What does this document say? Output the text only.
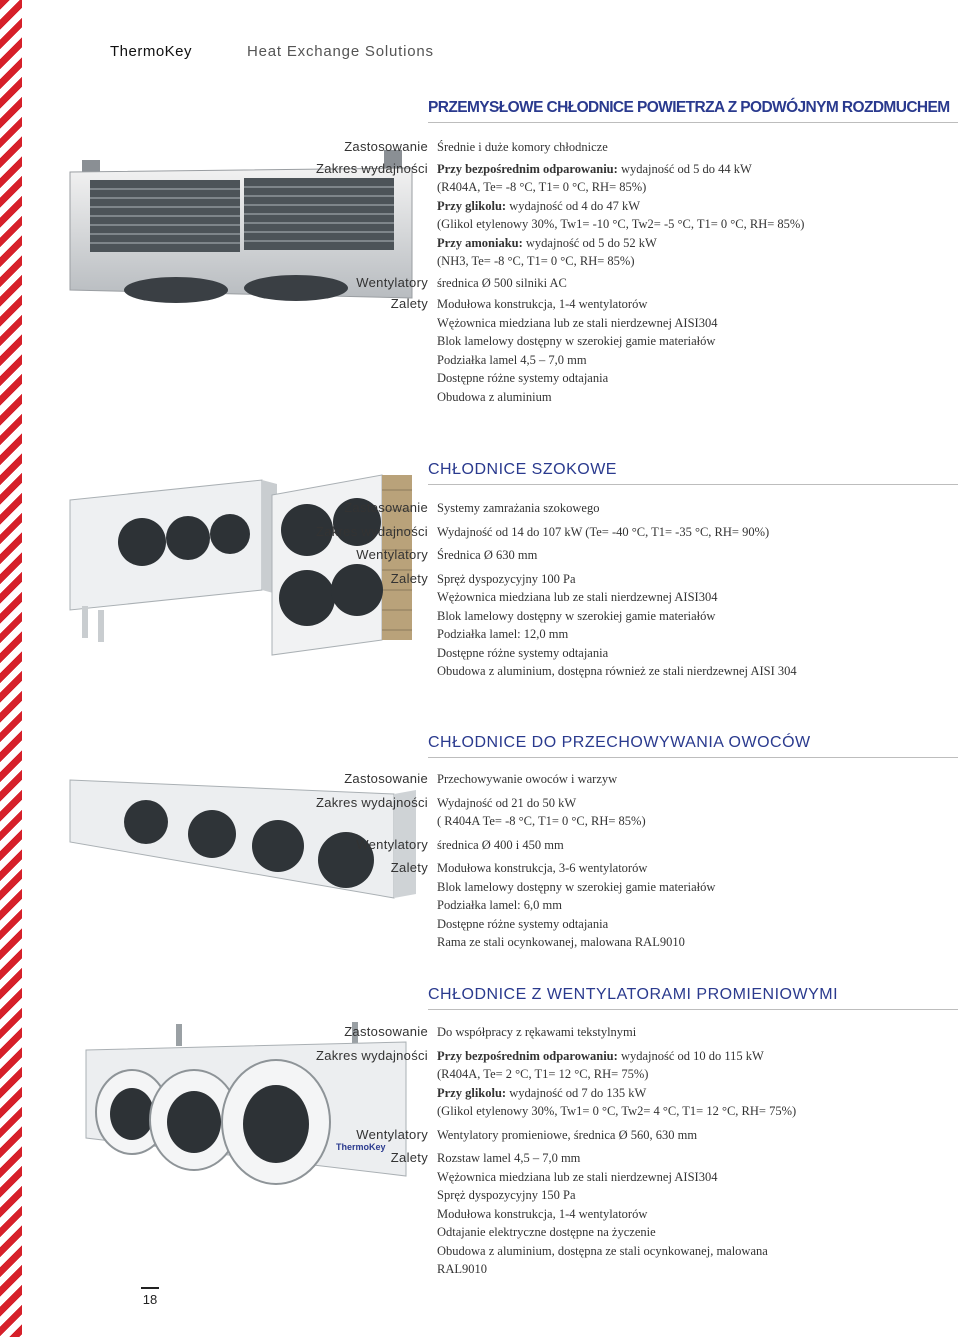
ThermoKey	Heat Exchange Solutions
PRZEMYSŁOWE CHŁODNICE POWIETRZA Z PODWÓJNYM ROZDMUCHEM
Zastosowanie Średnie i duże komory chłodnicze
Zakres wydajności Przy bezpośrednim odparowaniu: wydajność od 5 do 44 kW
(R404A, Te= -8 °C, T1= 0 °C, RH= 85%)
Przy glikolu: wydajność od 4 do 47 kW
(Glikol etylenowy 30%, Tw1= -10 °C, Tw2= -5 °C, T1= 0 °C, RH= 85%)
Przy amoniaku: wydajność od 5 do 52 kW
(NH3, Te= -8 °C, T1= 0 °C, RH= 85%)
Wentylatory średnica Ø 500 silniki AC
Zalety Modułowa konstrukcja, 1-4 wentylatorów
Wężownica miedziana lub ze stali nierdzewnej AISI304
Blok lamelowy dostępny w szerokiej gamie materiałów
Podziałka lamel 4,5 – 7,0 mm
Dostępne różne systemy odtajania
Obudowa z aluminium
CHŁODNICE SZOKOWE
Zastosowanie Systemy zamrażania szokowego
Zakres wydajności Wydajność od 14 do 107 kW (Te= -40 °C, T1= -35 °C, RH= 90%)
Wentylatory Średnica Ø 630 mm
Zalety Spręż dyspozycyjny 100 Pa
Wężownica miedziana lub ze stali nierdzewnej AISI304
Blok lamelowy dostępny w szerokiej gamie materiałów
Podziałka lamel: 12,0 mm
Dostępne różne systemy odtajania
Obudowa z aluminium, dostępna również ze stali nierdzewnej AISI 304
CHŁODNICE DO PRZECHOWYWANIA OWOCÓW
Zastosowanie Przechowywanie owoców i warzyw
Zakres wydajności Wydajność od 21 do 50 kW
( R404A Te= -8 °C, T1= 0 °C, RH= 85%)
Wentylatory średnica Ø 400 i 450 mm
Zalety Modułowa konstrukcja, 3-6 wentylatorów
Blok lamelowy dostępny w szerokiej gamie materiałów
Podziałka lamel: 6,0 mm
Dostępne różne systemy odtajania
Rama ze stali ocynkowanej, malowana RAL9010
ThermoKey
CHŁODNICE Z WENTYLATORAMI PROMIENIOWYMI
Zastosowanie Do współpracy z rękawami tekstylnymi
Zakres wydajności Przy bezpośrednim odparowaniu: wydajność od 10 do 115 kW
(R404A, Te= 2 °C, T1= 12 °C, RH= 75%)
Przy glikolu: wydajność od 7 do 135 kW
(Glikol etylenowy 30%, Tw1= 0 °C, Tw2= 4 °C, T1= 12 °C, RH= 75%)
Wentylatory Wentylatory promieniowe, średnica Ø 560, 630 mm
Zalety Rozstaw lamel 4,5 – 7,0 mm
Wężownica miedziana lub ze stali nierdzewnej AISI304
Spręż dyspozycyjny 150 Pa
Modułowa konstrukcja, 1-4 wentylatorów
Odtajanie elektryczne dostępne na życzenie
Obudowa z aluminium, dostępna ze stali ocynkowanej, malowana
RAL9010
18
